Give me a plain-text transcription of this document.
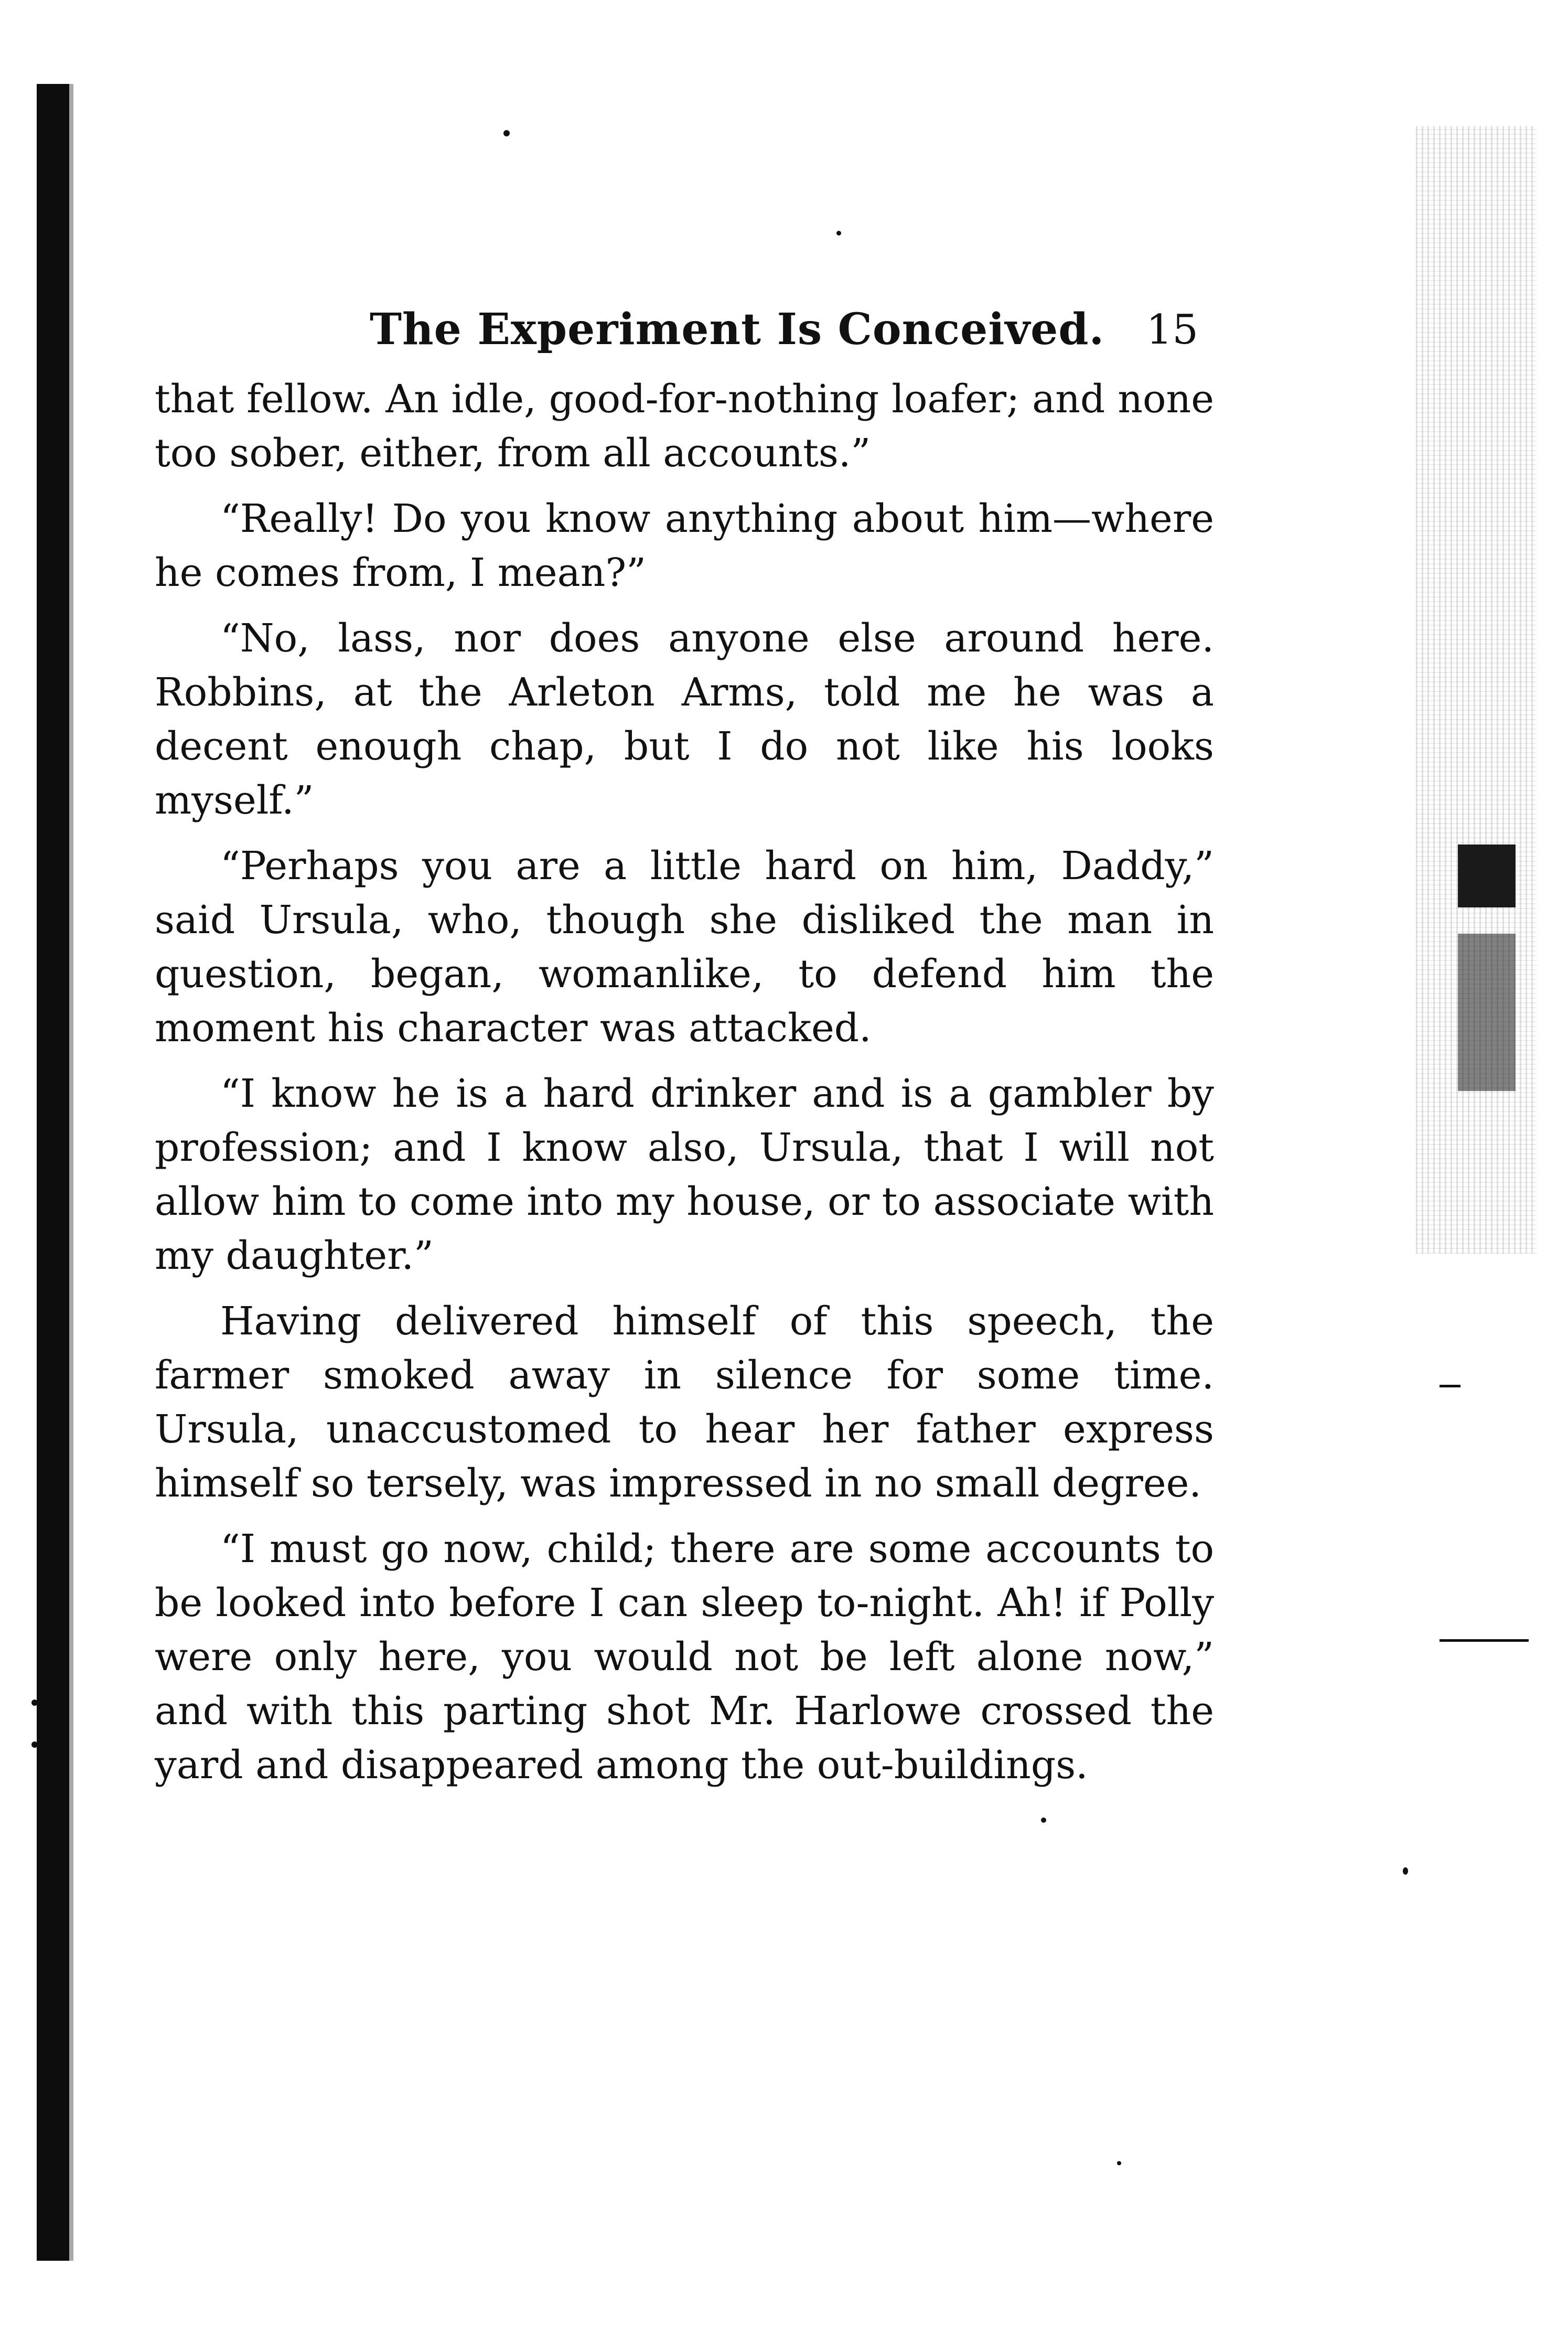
The Experiment Is Conceived. 15

that fellow. An idle, good-for-nothing loafer; and none too sober, either, from all accounts.”

“Really! Do you know anything about him—where he comes from, I mean?”

“No, lass, nor does anyone else around here. Robbins, at the Arleton Arms, told me he was a decent enough chap, but I do not like his looks myself.”

“Perhaps you are a little hard on him, Daddy,” said Ursula, who, though she disliked the man in question, began, womanlike, to defend him the moment his character was attacked.

“I know he is a hard drinker and is a gambler by profession; and I know also, Ursula, that I will not allow him to come into my house, or to associate with my daughter.”

Having delivered himself of this speech, the farmer smoked away in silence for some time. Ursula, unaccustomed to hear her father express himself so tersely, was impressed in no small degree.

“I must go now, child; there are some accounts to be looked into before I can sleep to-night. Ah! if Polly were only here, you would not be left alone now,” and with this parting shot Mr. Harlowe crossed the yard and disappeared among the out-buildings.
